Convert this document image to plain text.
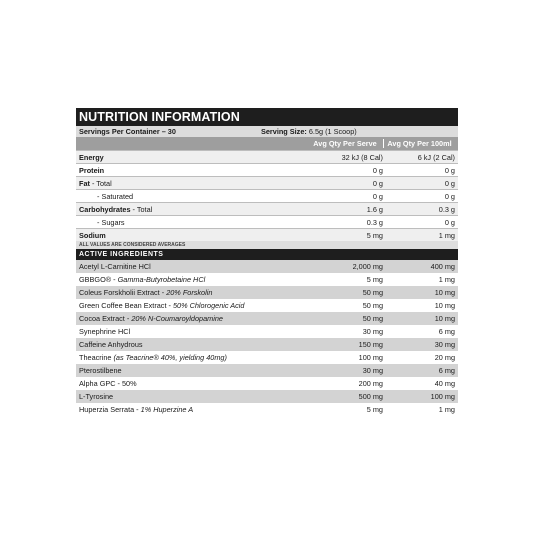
NUTRITION INFORMATION
Servings Per Container – 30	Serving Size: 6.5g (1 Scoop)
Avg Qty Per Serve	Avg Qty Per 100ml
Energy	32 kJ (8 Cal)	6 kJ (2 Cal)
Protein	0 g	0 g
Fat - Total	0 g	0 g
- Saturated	0 g	0 g
Carbohydrates - Total	1.6 g	0.3 g
- Sugars	0.3 g	0 g
Sodium	5 mg	1 mg
ALL VALUES ARE CONSIDERED AVERAGES
ACTIVE INGREDIENTS
Acetyl L-Carnitine HCl	2,000 mg	400 mg
GBBGO® - Gamma-Butyrobetaine HCl	5 mg	1 mg
Coleus Forskholii Extract - 20% Forskolin	50 mg	10 mg
Green Coffee Bean Extract - 50% Chlorogenic Acid	50 mg	10 mg
Cocoa Extract - 20% N-Coumaroyldopamine	50 mg	10 mg
Synephrine HCl	30 mg	6 mg
Caffeine Anhydrous	150 mg	30 mg
Theacrine (as Teacrine® 40%, yielding 40mg)	100 mg	20 mg
Pterostilbene	30 mg	6 mg
Alpha GPC - 50%	200 mg	40 mg
L-Tyrosine	500 mg	100 mg
Huperzia Serrata - 1% Huperzine A	5 mg	1 mg
